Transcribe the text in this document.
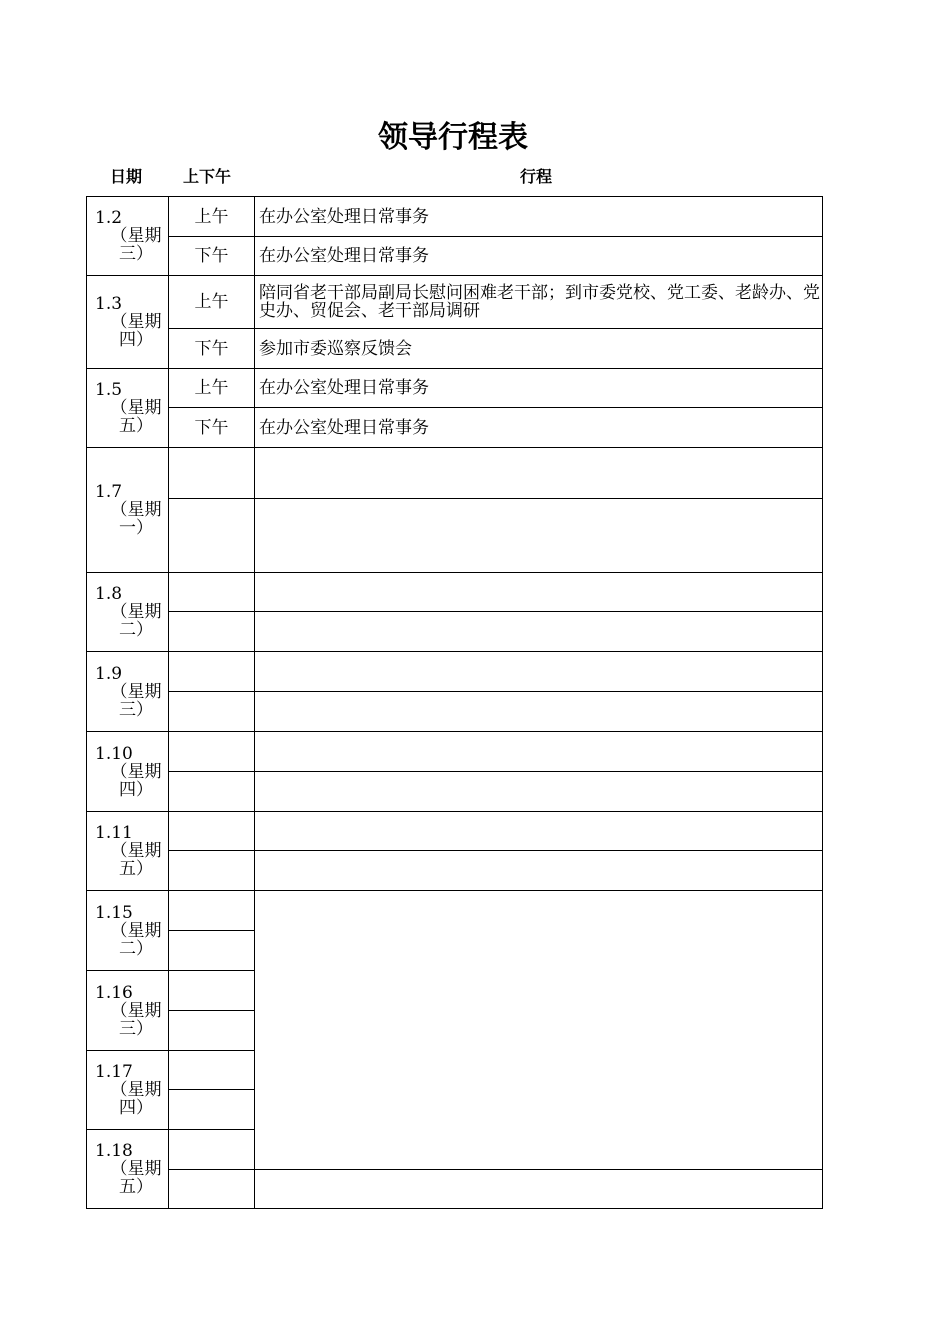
领导行程表
日期	上下午	行程
1.2
（星期三）	上午	在办公室处理日常事务
	下午	在办公室处理日常事务

1.3
（星期四）	上午	陪同省老干部局副局长慰问困难老干部；到市委党校、党工委、老龄办、党史办、贸促会、老干部局调研
	下午	参加市委巡察反馈会

1.5
（星期五）	上午	在办公室处理日常事务
	下午	在办公室处理日常事务

1.7
（星期一）		

1.8
（星期二）		

1.9
（星期三）		

1.10
（星期四）		

1.11
（星期五）		

1.15
（星期二）		

1.16
（星期三）		

1.17
（星期四）		

1.18
（星期五）		
